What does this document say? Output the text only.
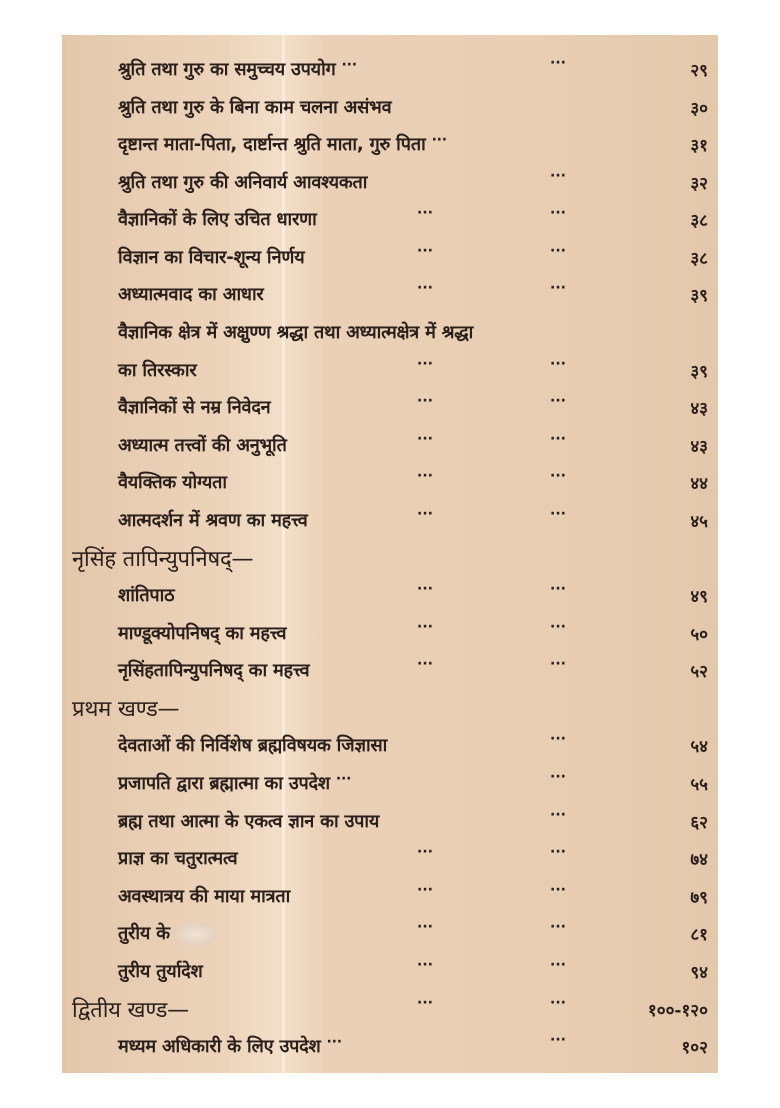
श्रुति तथा गुरु का समुच्चय उपयोग ···	···	२९
श्रुति तथा गुरु के बिना काम चलना असंभव	३०
दृष्टान्त माता-पिता, दार्ष्टान्त श्रुति माता, गुरु पिता ···	३१
श्रुति तथा गुरु की अनिवार्य आवश्यकता	···	३२
वैज्ञानिकों के लिए उचित धारणा	···	···	३८
विज्ञान का विचार-शून्य निर्णय	···	···	३८
अध्यात्मवाद का आधार	···	···	३९
वैज्ञानिक क्षेत्र में अक्षुण्ण श्रद्धा तथा अध्यात्मक्षेत्र में श्रद्धा
का तिरस्कार	···	···	३९
वैज्ञानिकों से नम्र निवेदन	···	···	४३
अध्यात्म तत्त्वों की अनुभूति	···	···	४३
वैयक्तिक योग्यता	···	···	४४
आत्मदर्शन में श्रवण का महत्त्व	···	···	४५
नृसिंह तापिन्युपनिषद्—
शांतिपाठ	···	···	४९
माण्डूक्योपनिषद् का महत्त्व	···	···	५०
नृसिंहतापिन्युपनिषद् का महत्त्व	···	···	५२
प्रथम खण्ड—
देवताओं की निर्विशेष ब्रह्मविषयक जिज्ञासा	···	५४
प्रजापति द्वारा ब्रह्मात्मा का उपदेश ···	···	५५
ब्रह्म तथा आत्मा के एकत्व ज्ञान का उपाय	···	६२
प्राज्ञ का चतुरात्मत्व	···	···	७४
अवस्थात्रय की माया मात्रता	···	···	७९
तुरीय के	···	···	८१
तुरीय तुर्यादेश	···	···	९४
द्वितीय खण्ड—	···	···	१००-१२०
मध्यम अधिकारी के लिए उपदेश ···	···	१०२
